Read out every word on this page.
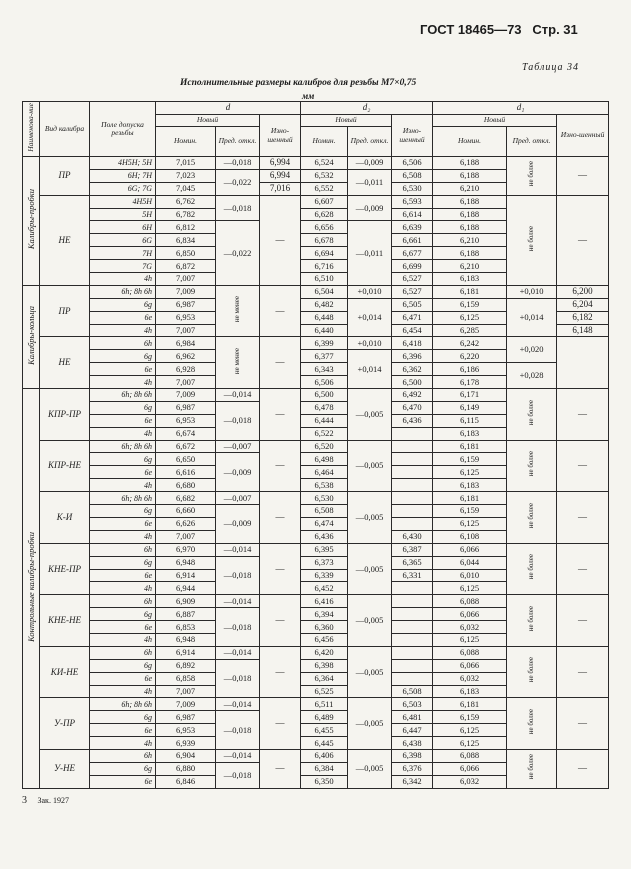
ГОСТ 18465—73 Стр. 31
Таблица 34
Исполнительные размеры калибров для резьбы M7×0,75
мм
Наименова-ние	Вид калибра	Поле допуска резьбы	d			d₂			d₁		
			Новый		Изно-шенный	Новый		Изно-шенный	Новый		Изно-шенный
			Номин.	Пред. откл.		Номин.	Пред. откл.		Номин.	Пред. откл.	
Калибры-пробки	ПР	4H5H; 5H	7,015	—0,018	6,994	6,524	—0,009	6,506	6,188	не более	—
		6H; 7H	7,023	—0,022	6,994	6,532	—0,011	6,508	6,188		
		6G; 7G	7,045		7,016	6,552		6,530	6,210		
	НЕ	4H5H	6,762	—0,018	—	6,607	—0,009	6,593	6,188	не более	—
		5H	6,782			6,628		6,614	6,188		
		6H	6,812	—0,022		6,656	—0,011	6,639	6,188		
		6G	6,834			6,678		6,661	6,210		
		7H	6,850			6,694		6,677	6,188		
		7G	6,872			6,716		6,699	6,210		
		4h	7,007			6,510		6,527	6,183		
Калибры-кольца	ПР	6h; 8h 6h	7,009	не менее	—	6,504	+0,010	6,527	6,181	+0,010	6,200
		6g	6,987			6,482	+0,014	6,505	6,159	+0,014	6,204
		6e	6,953			6,448		6,471	6,125		6,182
		4h	7,007			6,440		6,454	6,285		6,148
	НЕ	6h	6,984	не менее	—	6,399	+0,010	6,418	6,242	+0,020	
		6g	6,962			6,377	+0,014	6,396	6,220		
		6e	6,928			6,343		6,362	6,186	+0,028	
		4h	7,007			6,506		6,500	6,178		
Контрольные калибры-пробки	КПР-ПР	6h; 8h 6h	7,009	—0,014	—	6,500	—0,005	6,492	6,171	не более	—
		6g	6,987	—0,018		6,478		6,470	6,149		
		6e	6,953			6,444		6,436	6,115		
		4h	6,674			6,522			6,183		
	КПР-НЕ	6h; 8h 6h	6,672	—0,007	—	6,520	—0,005		6,181	не более	—
		6g	6,650	—0,009		6,498			6,159		
		6e	6,616			6,464			6,125		
		4h	6,680			6,538			6,183		
	К-И	6h; 8h 6h	6,682	—0,007	—	6,530	—0,005		6,181	не более	—
		6g	6,660	—0,009		6,508			6,159		
		6e	6,626			6,474			6,125		
		4h	7,007			6,436		6,430	6,108		
	КНЕ-ПР	6h	6,970	—0,014	—	6,395	—0,005	6,387	6,066	не более	—
		6g	6,948	—0,018		6,373		6,365	6,044		
		6e	6,914			6,339		6,331	6,010		
		4h	6,944			6,452			6,125		
	КНЕ-НЕ	6h	6,909	—0,014	—	6,416	—0,005		6,088	не более	—
		6g	6,887	—0,018		6,394			6,066		
		6e	6,853			6,360			6,032		
		4h	6,948			6,456			6,125		
	КИ-НЕ	6h	6,914	—0,014	—	6,420	—0,005		6,088	не более	—
		6g	6,892	—0,018		6,398			6,066		
		6e	6,858			6,364			6,032		
		4h	7,007			6,525		6,508	6,183		
	У-ПР	6h; 8h 6h	7,009	—0,014	—	6,511	—0,005	6,503	6,181	не более	—
		6g	6,987	—0,018		6,489		6,481	6,159		
		6e	6,953			6,455		6,447	6,125		
		4h	6,939			6,445		6,438	6,125		
	У-НЕ	6h	6,904	—0,014	—	6,406	—0,005	6,398	6,088	не более	—
		6g	6,880	—0,018		6,384		6,376	6,066		
		6e	6,846			6,350		6,342	6,032		
3 Зак. 1927
